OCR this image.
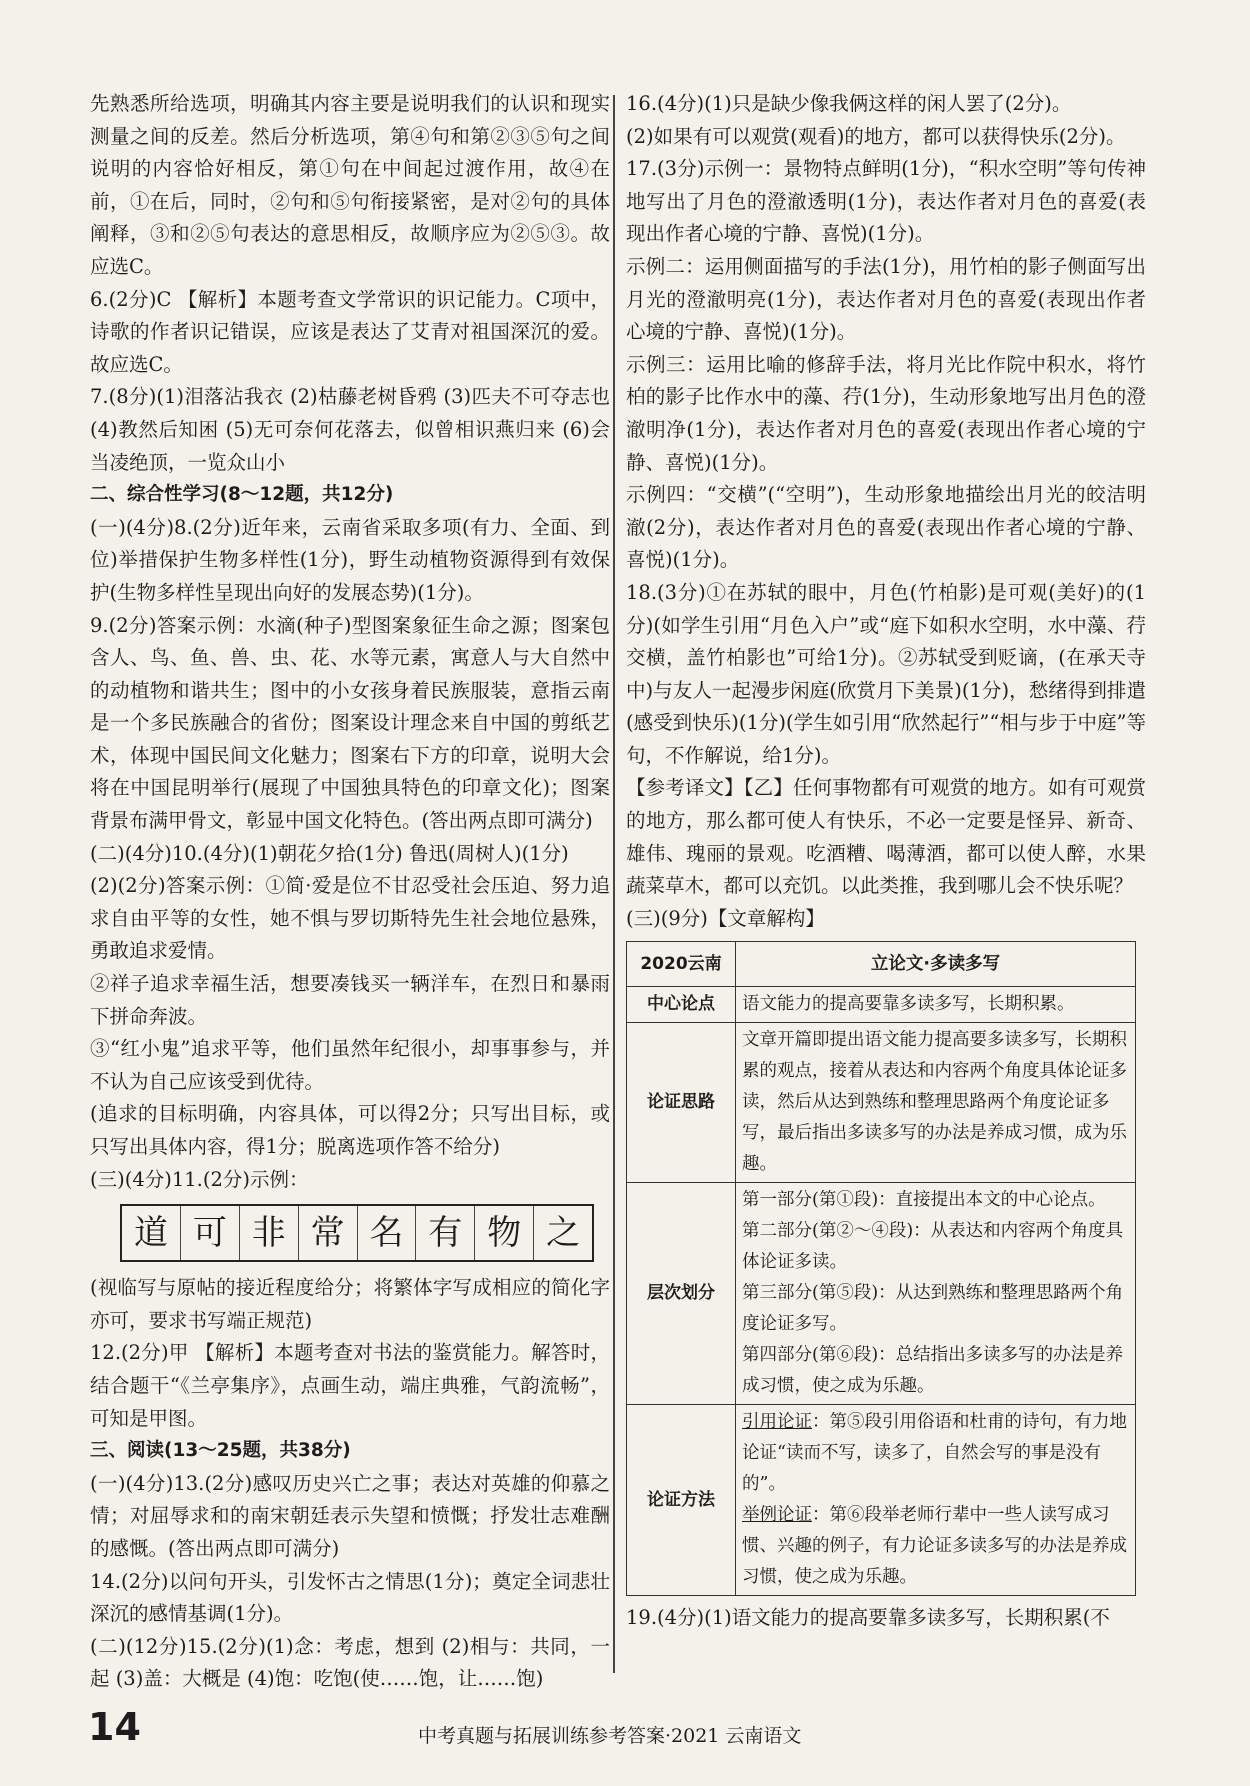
先熟悉所给选项，明确其内容主要是说明我们的认识和现实测量之间的反差。然后分析选项，第④句和第②③⑤句之间说明的内容恰好相反，第①句在中间起过渡作用，故④在前，①在后，同时，②句和⑤句衔接紧密，是对②句的具体阐释，③和②⑤句表达的意思相反，故顺序应为②⑤③。故应选C。

6.(2分)C 【解析】本题考查文学常识的识记能力。C项中，诗歌的作者识记错误，应该是表达了艾青对祖国深沉的爱。故应选C。

7.(8分)(1)泪落沾我衣 (2)枯藤老树昏鸦 (3)匹夫不可夺志也 (4)教然后知困 (5)无可奈何花落去，似曾相识燕归来 (6)会当凌绝顶，一览众山小

二、综合性学习(8～12题，共12分)

(一)(4分)8.(2分)近年来，云南省采取多项(有力、全面、到位)举措保护生物多样性(1分)，野生动植物资源得到有效保护(生物多样性呈现出向好的发展态势)(1分)。

9.(2分)答案示例：水滴(种子)型图案象征生命之源；图案包含人、鸟、鱼、兽、虫、花、水等元素，寓意人与大自然中的动植物和谐共生；图中的小女孩身着民族服装，意指云南是一个多民族融合的省份；图案设计理念来自中国的剪纸艺术，体现中国民间文化魅力；图案右下方的印章，说明大会将在中国昆明举行(展现了中国独具特色的印章文化)；图案背景布满甲骨文，彰显中国文化特色。(答出两点即可满分)

(二)(4分)10.(4分)(1)朝花夕拾(1分) 鲁迅(周树人)(1分)

(2)(2分)答案示例：①简·爱是位不甘忍受社会压迫、努力追求自由平等的女性，她不惧与罗切斯特先生社会地位悬殊，勇敢追求爱情。

②祥子追求幸福生活，想要凑钱买一辆洋车，在烈日和暴雨下拼命奔波。

③“红小鬼”追求平等，他们虽然年纪很小，却事事参与，并不认为自己应该受到优待。

(追求的目标明确，内容具体，可以得2分；只写出目标，或只写出具体内容，得1分；脱离选项作答不给分)

(三)(4分)11.(2分)示例：

道 可 非 常 名 有 物 之

(视临写与原帖的接近程度给分；将繁体字写成相应的简化字亦可，要求书写端正规范)

12.(2分)甲 【解析】本题考查对书法的鉴赏能力。解答时，结合题干“《兰亭集序》，点画生动，端庄典雅，气韵流畅”，可知是甲图。

三、阅读(13～25题，共38分)

(一)(4分)13.(2分)感叹历史兴亡之事；表达对英雄的仰慕之情；对屈辱求和的南宋朝廷表示失望和愤慨；抒发壮志难酬的感慨。(答出两点即可满分)

14.(2分)以问句开头，引发怀古之情思(1分)；奠定全词悲壮深沉的感情基调(1分)。

(二)(12分)15.(2分)(1)念：考虑，想到 (2)相与：共同，一起 (3)盖：大概是 (4)饱：吃饱(使……饱，让……饱)

16.(4分)(1)只是缺少像我俩这样的闲人罢了(2分)。

(2)如果有可以观赏(观看)的地方，都可以获得快乐(2分)。

17.(3分)示例一：景物特点鲜明(1分)，“积水空明”等句传神地写出了月色的澄澈透明(1分)，表达作者对月色的喜爱(表现出作者心境的宁静、喜悦)(1分)。

示例二：运用侧面描写的手法(1分)，用竹柏的影子侧面写出月光的澄澈明亮(1分)，表达作者对月色的喜爱(表现出作者心境的宁静、喜悦)(1分)。

示例三：运用比喻的修辞手法，将月光比作院中积水，将竹柏的影子比作水中的藻、荇(1分)，生动形象地写出月色的澄澈明净(1分)，表达作者对月色的喜爱(表现出作者心境的宁静、喜悦)(1分)。

示例四：“交横”(“空明”)，生动形象地描绘出月光的皎洁明澈(2分)，表达作者对月色的喜爱(表现出作者心境的宁静、喜悦)(1分)。

18.(3分)①在苏轼的眼中，月色(竹柏影)是可观(美好)的(1分)(如学生引用“月色入户”或“庭下如积水空明，水中藻、荇交横，盖竹柏影也”可给1分)。②苏轼受到贬谪，(在承天寺中)与友人一起漫步闲庭(欣赏月下美景)(1分)，愁绪得到排遣(感受到快乐)(1分)(学生如引用“欣然起行”“相与步于中庭”等句，不作解说，给1分)。

【参考译文】【乙】任何事物都有可观赏的地方。如有可观赏的地方，那么都可使人有快乐，不必一定要是怪异、新奇、雄伟、瑰丽的景观。吃酒糟、喝薄酒，都可以使人醉，水果蔬菜草木，都可以充饥。以此类推，我到哪儿会不快乐呢？

(三)(9分)【文章解构】

2020云南	立论文·多读多写
中心论点	语文能力的提高要靠多读多写，长期积累。
论证思路	文章开篇即提出语文能力提高要多读多写，长期积累的观点，接着从表达和内容两个角度具体论证多读，然后从达到熟练和整理思路两个角度论证多写，最后指出多读多写的办法是养成习惯，成为乐趣。
层次划分	第一部分(第①段)：直接提出本文的中心论点。
第二部分(第②～④段)：从表达和内容两个角度具体论证多读。
第三部分(第⑤段)：从达到熟练和整理思路两个角度论证多写。
第四部分(第⑥段)：总结指出多读多写的办法是养成习惯，使之成为乐趣。

论证方法	引用论证：第⑤段引用俗语和杜甫的诗句，有力地论证“读而不写，读多了，自然会写的事是没有的”。
举例论证：第⑥段举老师行辈中一些人读写成习惯、兴趣的例子，有力论证多读多写的办法是养成习惯，使之成为乐趣。

19.(4分)(1)语文能力的提高要靠多读多写，长期积累(不

14	中考真题与拓展训练参考答案·2021 云南语文
